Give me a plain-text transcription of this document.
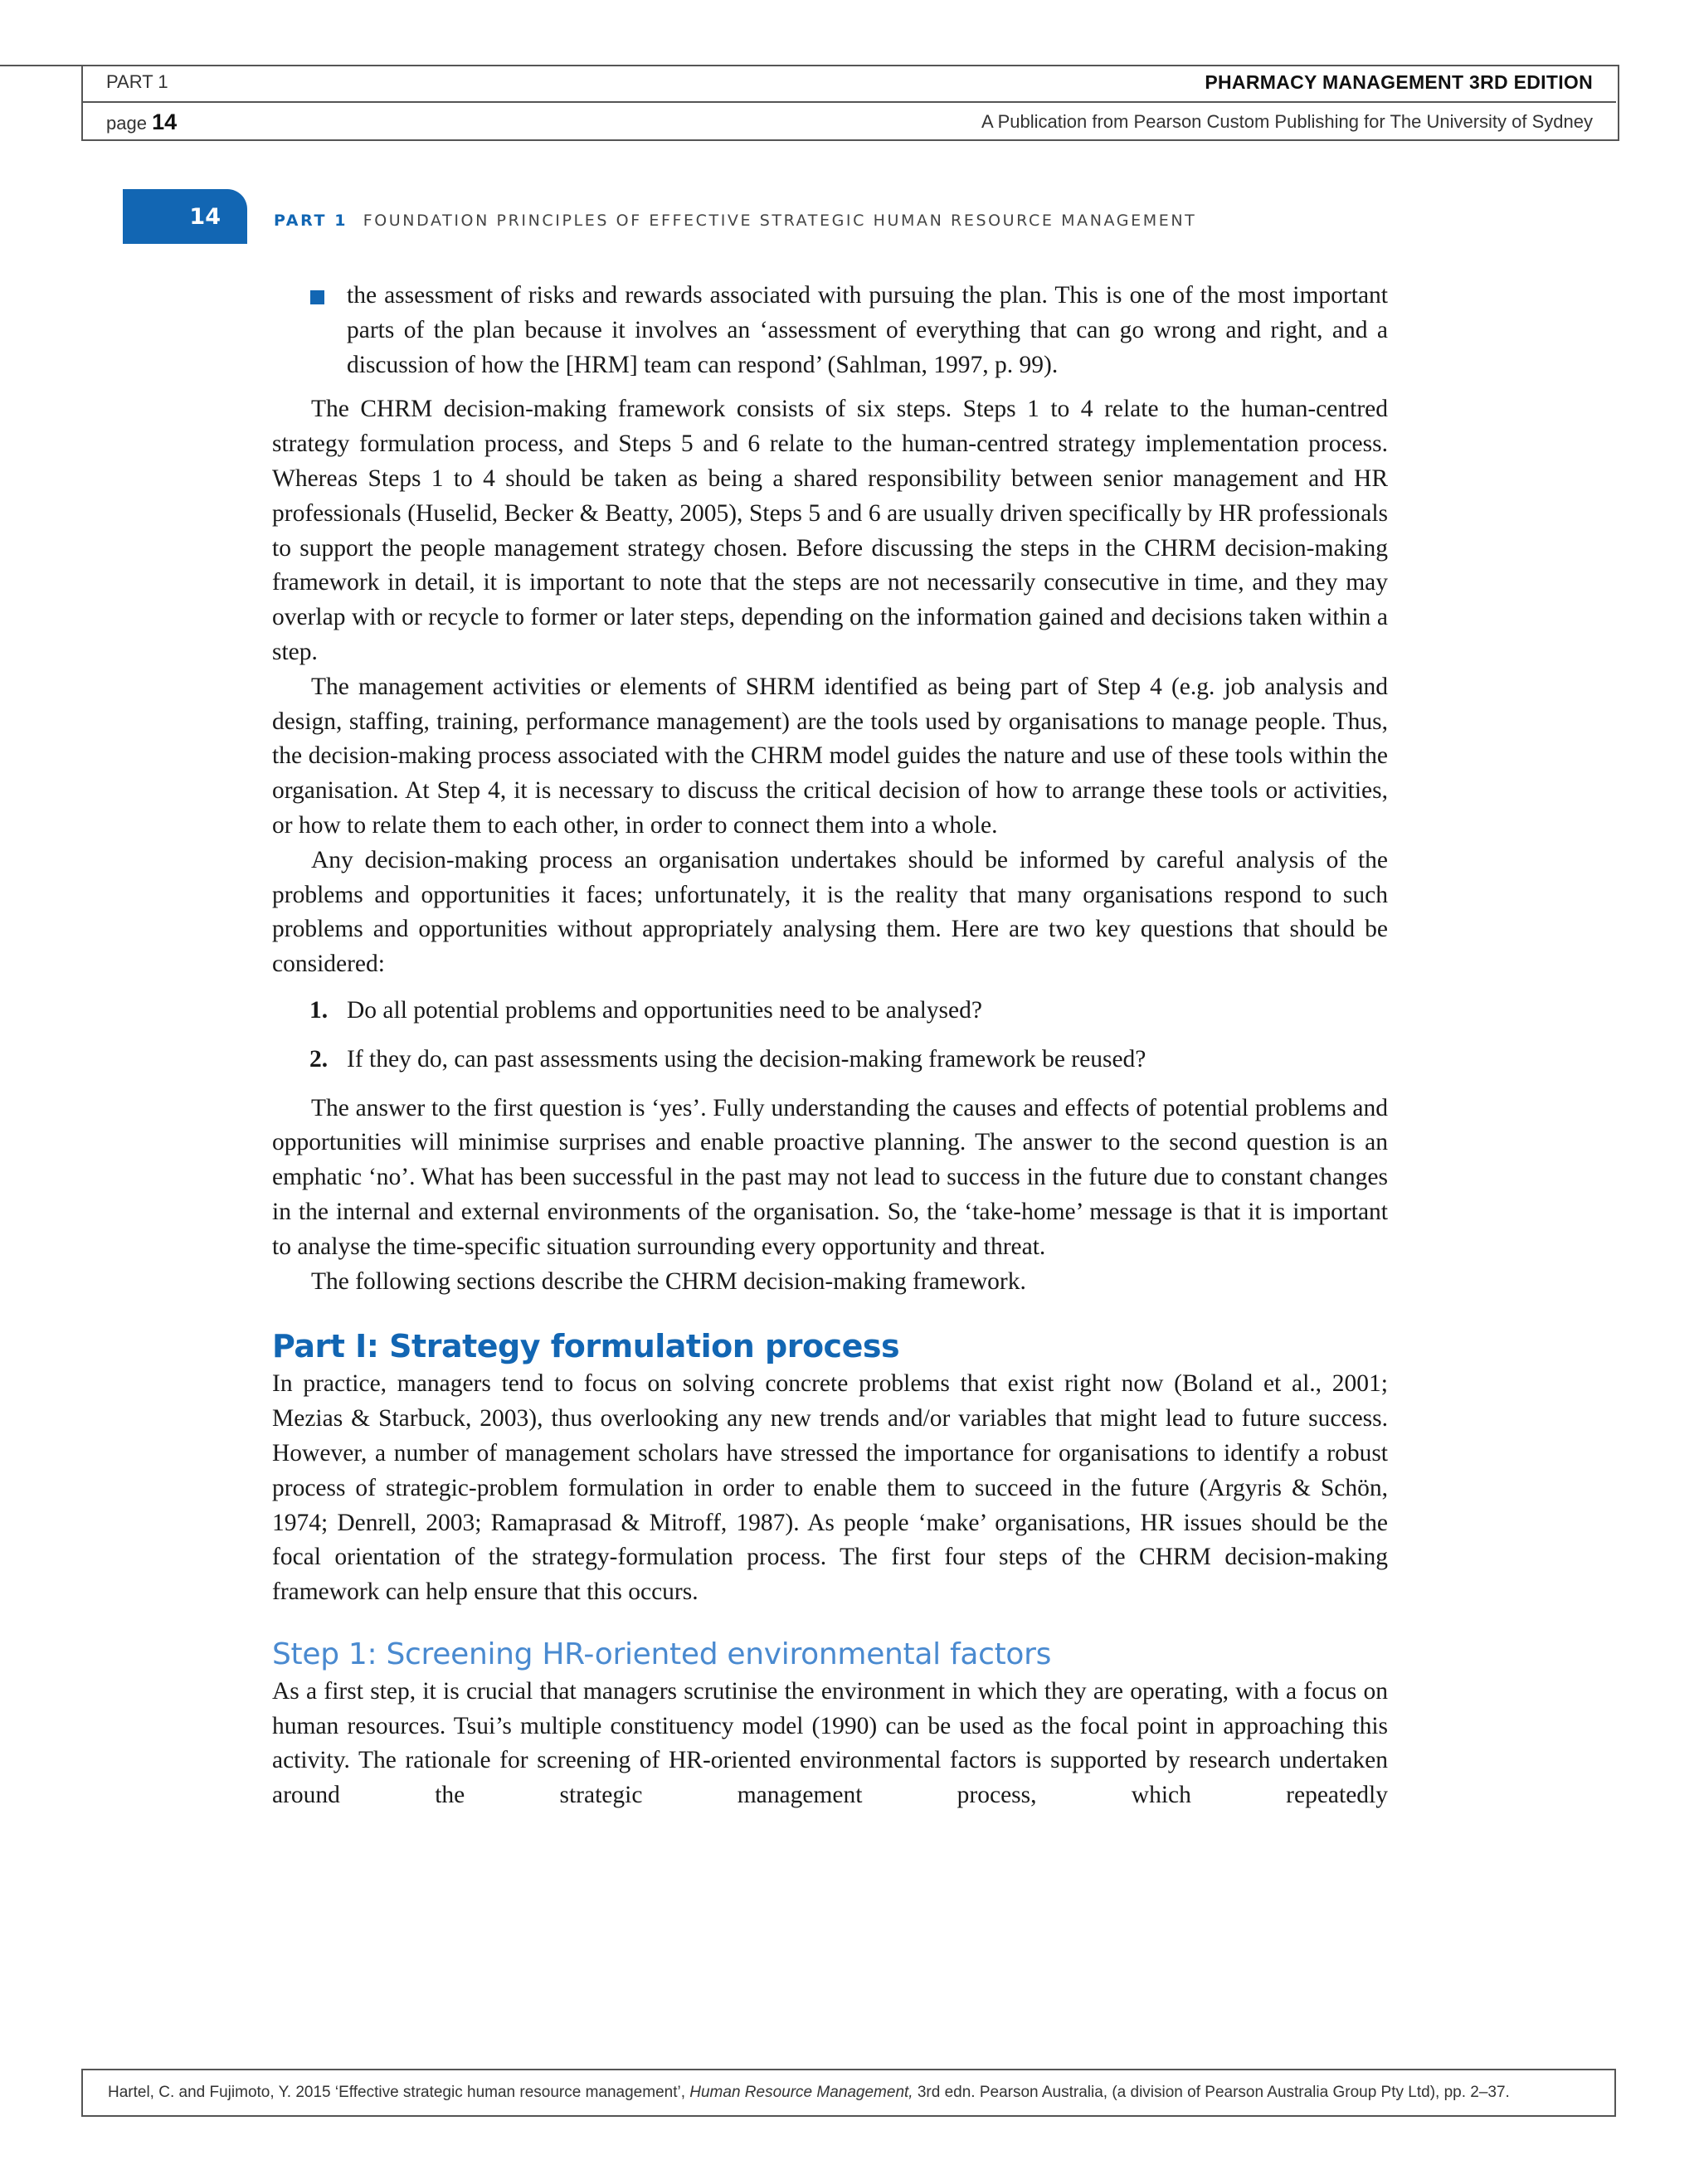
PART 1	PHARMACY MANAGEMENT 3RD EDITION
page 14	A Publication from Pearson Custom Publishing for The University of Sydney
14	PART 1 FOUNDATION PRINCIPLES OF EFFECTIVE STRATEGIC HUMAN RESOURCE MANAGEMENT
the assessment of risks and rewards associated with pursuing the plan. This is one of the most important parts of the plan because it involves an ‘assessment of everything that can go wrong and right, and a discussion of how the [HRM] team can respond’ (Sahlman, 1997, p. 99).

The CHRM decision-making framework consists of six steps. Steps 1 to 4 relate to the human-centred strategy formulation process, and Steps 5 and 6 relate to the human-centred strategy implementation process. Whereas Steps 1 to 4 should be taken as being a shared responsibility between senior management and HR professionals (Huselid, Becker & Beatty, 2005), Steps 5 and 6 are usually driven specifically by HR professionals to support the people management strategy chosen. Before discussing the steps in the CHRM decision-making framework in detail, it is important to note that the steps are not necessarily consecutive in time, and they may overlap with or recycle to former or later steps, depending on the information gained and decisions taken within a step.

The management activities or elements of SHRM identified as being part of Step 4 (e.g. job analysis and design, staffing, training, performance management) are the tools used by organisations to manage people. Thus, the decision-making process associated with the CHRM model guides the nature and use of these tools within the organisation. At Step 4, it is necessary to discuss the critical decision of how to arrange these tools or activities, or how to relate them to each other, in order to connect them into a whole.

Any decision-making process an organisation undertakes should be informed by careful analysis of the problems and opportunities it faces; unfortunately, it is the reality that many organisations respond to such problems and opportunities without appropriately analysing them. Here are two key questions that should be considered:

1. Do all potential problems and opportunities need to be analysed?
2. If they do, can past assessments using the decision-making framework be reused?

The answer to the first question is ‘yes’. Fully understanding the causes and effects of potential problems and opportunities will minimise surprises and enable proactive planning. The answer to the second question is an emphatic ‘no’. What has been successful in the past may not lead to success in the future due to constant changes in the internal and external environments of the organisation. So, the ‘take-home’ message is that it is important to analyse the time-specific situation surrounding every opportunity and threat.

The following sections describe the CHRM decision-making framework.

Part I: Strategy formulation process

In practice, managers tend to focus on solving concrete problems that exist right now (Boland et al., 2001; Mezias & Starbuck, 2003), thus overlooking any new trends and/or variables that might lead to future success. However, a number of management scholars have stressed the importance for organisations to identify a robust process of strategic-problem formulation in order to enable them to succeed in the future (Argyris & Schön, 1974; Denrell, 2003; Ramaprasad & Mitroff, 1987). As people ‘make’ organisations, HR issues should be the focal orientation of the strategy-formulation process. The first four steps of the CHRM decision-making framework can help ensure that this occurs.

Step 1: Screening HR-oriented environmental factors

As a first step, it is crucial that managers scrutinise the environment in which they are operating, with a focus on human resources. Tsui’s multiple constituency model (1990) can be used as the focal point in approaching this activity. The rationale for screening of HR-oriented environmental factors is supported by research undertaken around the strategic management process, which repeatedly

Hartel, C. and Fujimoto, Y. 2015 ‘Effective strategic human resource management’,
Human Resource Management,
3rd edn. Pearson Australia, (a division of Pearson Australia Group Pty Ltd), pp. 2–37.
